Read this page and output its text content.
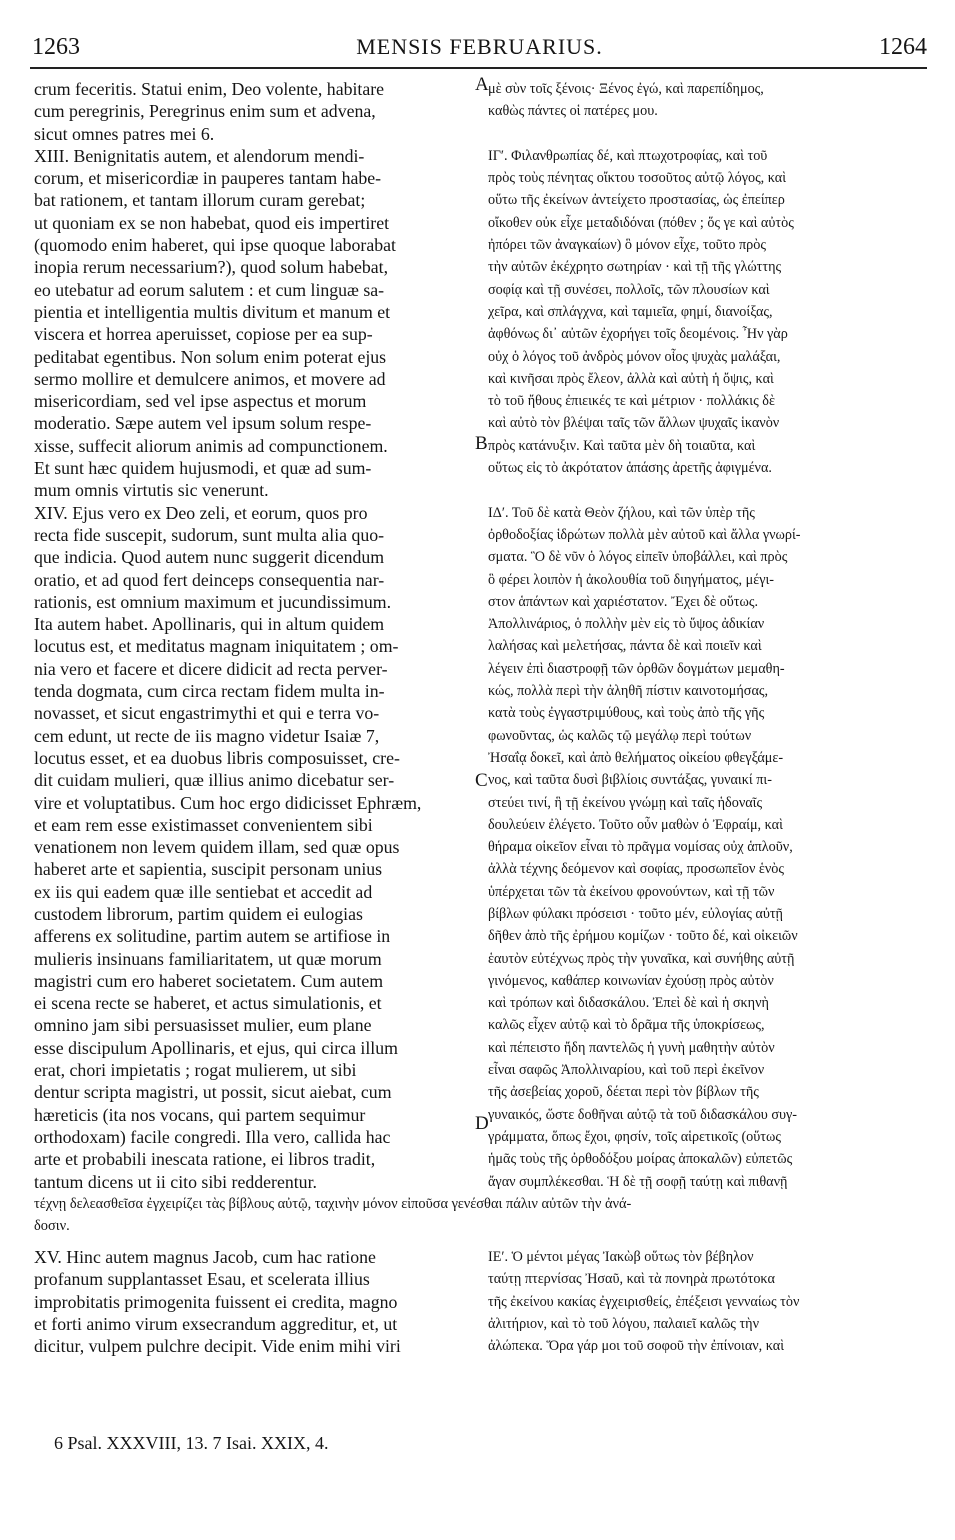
1263	MENSIS FEBRUARIUS.	1264
crum feceritis. Statui enim, Deo volente, habitare
cum peregrinis, Peregrinus enim sum et advena,
sicut omnes patres mei 6.
XIII. Benignitatis autem, et alendorum mendi-
corum, et misericordiæ in pauperes tantam habe-
bat rationem, et tantam illorum curam gerebat;
ut quoniam ex se non habebat, quod eis impertiret
(quomodo enim haberet, qui ipse quoque laborabat
inopia rerum necessarium?), quod solum habebat,
eo utebatur ad eorum salutem : et cum linguæ sa-
pientia et intelligentia multis divitum et manum et
viscera et horrea aperuisset, copiose per ea sup-
peditabat egentibus. Non solum enim poterat ejus
sermo mollire et demulcere animos, et movere ad
misericordiam, sed vel ipse aspectus et morum
moderatio. Sæpe autem vel ipsum solum respe-
xisse, suffecit aliorum animis ad compunctionem.
Et sunt hæc quidem hujusmodi, et quæ ad sum-
mum omnis virtutis sic venerunt.
XIV. Ejus vero ex Deo zeli, et eorum, quos pro
recta fide suscepit, sudorum, sunt multa alia quo-
que indicia. Quod autem nunc suggerit dicendum
oratio, et ad quod fert deinceps consequentia nar-
rationis, est omnium maximum et jucundissimum.
Ita autem habet. Apollinaris, qui in altum quidem
locutus est, et meditatus magnam iniquitatem ; om-
nia vero et facere et dicere didicit ad recta perver-
tenda dogmata, cum circa rectam fidem multa in-
novasset, et sicut engastrimythi et qui e terra vo-
cem edunt, ut recte de iis magno videtur Isaiæ 7,
locutus esset, et ea duobus libris composuisset, cre-
dit cuidam mulieri, quæ illius animo dicebatur ser-
vire et voluptatibus. Cum hoc ergo didicisset Ephræm,
et eam rem esse existimasset convenientem sibi
venationem non levem quidem illam, sed quæ opus
haberet arte et sapientia, suscipit personam unius
ex iis qui eadem quæ ille sentiebat et accedit ad
custodem librorum, partim quidem ei eulogias
afferens ex solitudine, partim autem se artifiose in
mulieris insinuans familiaritatem, ut quæ morum
magistri cum ero haberet societatem. Cum autem
ei scena recte se haberet, et actus simulationis, et
omnino jam sibi persuasisset mulier, eum plane
esse discipulum Apollinaris, et ejus, qui circa illum
erat, chori impietatis ; rogat mulierem, ut sibi
dentur scripta magistri, ut possit, sicut aiebat, cum
hæreticis (ita nos vocans, qui partem sequimur
orthodoxam) facile congredi. Illa vero, callida hac
arte et probabili inescata ratione, ei libros tradit,
tantum dicens ut ii cito sibi redderentur.
μὲ σὺν τοῖς ξένοις· Ξένος ἐγώ, καὶ παρεπίδημος,
καθὼς πάντες οἱ πατέρες μου.

ΙΓʹ. Φιλανθρωπίας δέ, καὶ πτωχοτροφίας, καὶ τοῦ
πρὸς τοὺς πένητας οἴκτου τοσοῦτος αὐτῷ λόγος, καὶ
οὕτω τῆς ἐκείνων ἀντείχετο προστασίας, ὡς ἐπείπερ
οἴκοθεν οὐκ εἶχε μεταδιδόναι (πόθεν ; ὅς γε καὶ αὐτὸς
ἠπόρει τῶν ἀναγκαίων) ὃ μόνον εἶχε, τοῦτο πρὸς
τὴν αὐτῶν ἐκέχρητο σωτηρίαν · καὶ τῇ τῆς γλώττης
σοφίᾳ καὶ τῇ συνέσει, πολλοῖς, τῶν πλουσίων καὶ
χεῖρα, καὶ σπλάγχνα, καὶ ταμιεῖα, φημί, διανοίξας,
ἀφθόνως δι᾽ αὐτῶν ἐχορήγει τοῖς δεομένοις. Ἦν γὰρ
οὐχ ὁ λόγος τοῦ ἀνδρὸς μόνον οἷος ψυχὰς μαλάξαι,
καὶ κινῆσαι πρὸς ἔλεον, ἀλλὰ καὶ αὐτὴ ἡ ὄψις, καὶ
τὸ τοῦ ἤθους ἐπιεικές τε καὶ μέτριον · πολλάκις δὲ
καὶ αὐτὸ τὸν βλέψαι ταῖς τῶν ἄλλων ψυχαῖς ἱκανὸν
πρὸς κατάνυξιν. Καὶ ταῦτα μὲν δὴ τοιαῦτα, καὶ
οὕτως εἰς τὸ ἀκρότατον ἁπάσης ἀρετῆς ἀφιγμένα.

ΙΔʹ. Τοῦ δὲ κατὰ Θεὸν ζήλου, καὶ τῶν ὑπὲρ τῆς
ὀρθοδοξίας ἱδρώτων πολλὰ μὲν αὐτοῦ καὶ ἄλλα γνωρί-
σματα. Ὃ δὲ νῦν ὁ λόγος εἰπεῖν ὑποβάλλει, καὶ πρὸς
ὃ φέρει λοιπὸν ἡ ἀκολουθία τοῦ διηγήματος, μέγι-
στον ἁπάντων καὶ χαριέστατον. Ἔχει δὲ οὕτως.
Ἀπολλινάριος, ὁ πολλὴν μὲν εἰς τὸ ὕψος ἀδικίαν
λαλήσας καὶ μελετήσας, πάντα δὲ καὶ ποιεῖν καὶ
λέγειν ἐπὶ διαστροφῇ τῶν ὀρθῶν δογμάτων μεμαθη-
κώς, πολλὰ περὶ τὴν ἀληθῆ πίστιν καινοτομήσας,
κατὰ τοὺς ἐγγαστριμύθους, καὶ τοὺς ἀπὸ τῆς γῆς
φωνοῦντας, ὡς καλῶς τῷ μεγάλῳ περὶ τούτων
Ἠσαΐᾳ δοκεῖ, καὶ ἀπὸ θελήματος οἰκείου φθεγξάμε-
νος, καὶ ταῦτα δυσὶ βιβλίοις συντάξας, γυναικί πι-
στεύει τινί, ἣ τῇ ἐκείνου γνώμῃ καὶ ταῖς ἡδοναῖς
δουλεύειν ἐλέγετο. Τοῦτο οὖν μαθὼν ὁ Ἐφραίμ, καὶ
θήραμα οἰκεῖον εἶναι τὸ πρᾶγμα νομίσας οὐχ ἁπλοῦν,
ἀλλὰ τέχνης δεόμενον καὶ σοφίας, προσωπεῖον ἑνὸς
ὑπέρχεται τῶν τὰ ἐκείνου φρονούντων, καὶ τῇ τῶν
βίβλων φύλακι πρόσεισι · τοῦτο μέν, εὐλογίας αὐτῇ
δῆθεν ἀπὸ τῆς ἐρήμου κομίζων · τοῦτο δέ, καὶ οἰκειῶν
ἑαυτὸν εὐτέχνως πρὸς τὴν γυναῖκα, καὶ συνήθης αὐτῇ
γινόμενος, καθάπερ κοινωνίαν ἐχούσῃ πρὸς αὐτὸν
καὶ τρόπων καὶ διδασκάλου. Ἐπεὶ δὲ καὶ ἡ σκηνὴ
καλῶς εἶχεν αὐτῷ καὶ τὸ δρᾶμα τῆς ὑποκρίσεως,
καὶ πέπειστο ἤδη παντελῶς ἡ γυνὴ μαθητὴν αὐτὸν
εἶναι σαφῶς Ἀπολλιναρίου, καὶ τοῦ περὶ ἐκεῖνον
τῆς ἀσεβείας χοροῦ, δέεται περὶ τὸν βίβλων τῆς
γυναικός, ὥστε δοθῆναι αὐτῷ τὰ τοῦ διδασκάλου συγ-
γράμματα, ὅπως ἔχοι, φησίν, τοῖς αἱρετικοῖς (οὕτως
ἡμᾶς τοὺς τῆς ὀρθοδόξου μοίρας ἀποκαλῶν) εὐπετῶς
ἄγαν συμπλέκεσθαι. Ἡ δὲ τῇ σοφῇ ταύτῃ καὶ πιθανῇ
A
B
C
D
τέχνῃ δελεασθεῖσα ἐγχειρίζει τὰς βίβλους αὐτῷ, ταχινὴν μόνον εἰποῦσα γενέσθαι πάλιν αὐτῶν τὴν ἀνά-
δοσιν.
XV. Hinc autem magnus Jacob, cum hac ratione
profanum supplantasset Esau, et scelerata illius
improbitatis primogenita fuissent ei credita, magno
et forti animo virum exsecrandum aggreditur, et, ut
dicitur, vulpem pulchre decipit. Vide enim mihi viri
ΙΕʹ. Ὁ μέντοι μέγας Ἰακὼβ οὕτως τὸν βέβηλον
ταύτῃ πτερνίσας Ἠσαῦ, καὶ τὰ πονηρὰ πρωτότοκα
τῆς ἐκείνου κακίας ἐγχειρισθείς, ἐπέξεισι γενναίως τὸν
ἀλιτήριον, καὶ τὸ τοῦ λόγου, παλαιεῖ καλῶς τὴν
ἀλώπεκα. Ὅρα γάρ μοι τοῦ σοφοῦ τὴν ἐπίνοιαν, καὶ
6 Psal. XXXVIII, 13. 7 Isai. XXIX, 4.
